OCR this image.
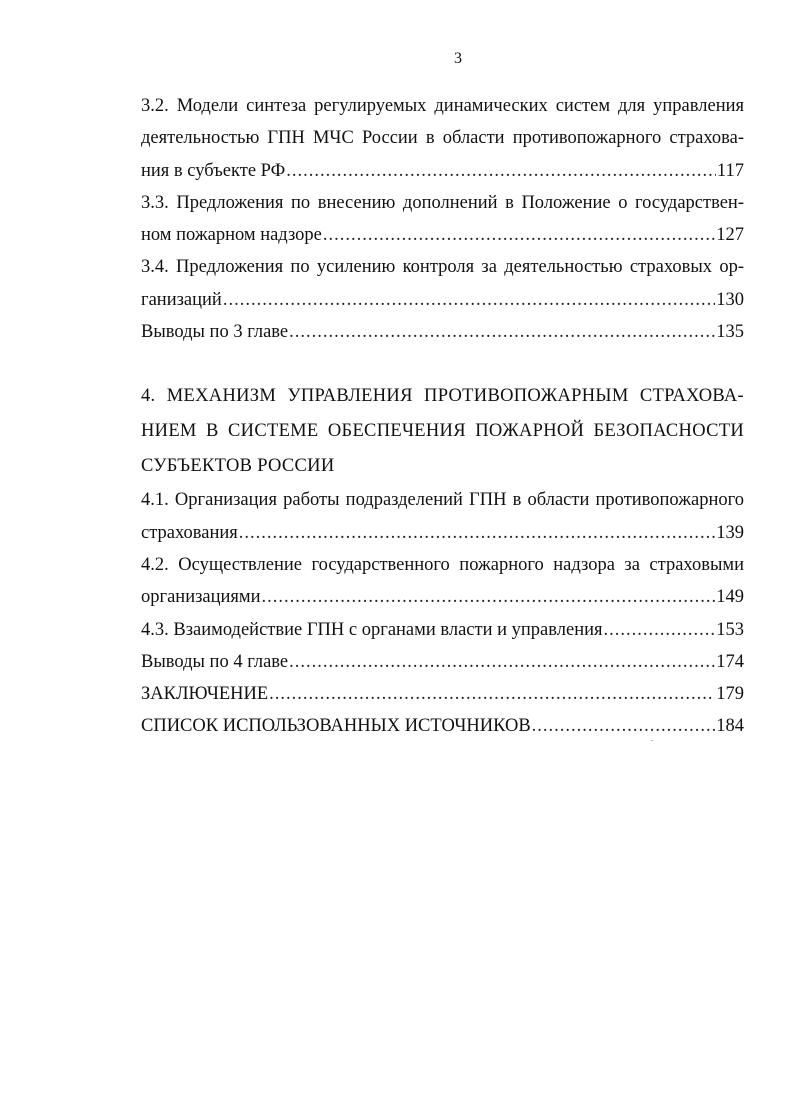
3
3.2. Модели синтеза регулируемых динамических систем для управления
деятельностью ГПН МЧС России в области противопожарного страхова-
ния в субъекте РФ .....	117
3.3. Предложения по внесению дополнений в Положение о государствен-
ном пожарном надзоре .....	127
3.4. Предложения по усилению контроля за деятельностью страховых ор-
ганизаций .....	130
Выводы по 3 главе .....	135
4. МЕХАНИЗМ УПРАВЛЕНИЯ ПРОТИВОПОЖАРНЫМ СТРАХОВА-
НИЕМ В СИСТЕМЕ ОБЕСПЕЧЕНИЯ ПОЖАРНОЙ БЕЗОПАСНОСТИ
СУБЪЕКТОВ РОССИИ
4.1. Организация работы подразделений ГПН в области противопожарного
страхования .....	139
4.2. Осуществление государственного пожарного надзора за страховыми
организациями .....	149
4.3. Взаимодействие ГПН с органами власти и управления .....	153
Выводы по 4 главе .....	174
ЗАКЛЮЧЕНИЕ .....	179
СПИСОК ИСПОЛЬЗОВАННЫХ ИСТОЧНИКОВ .....	184
